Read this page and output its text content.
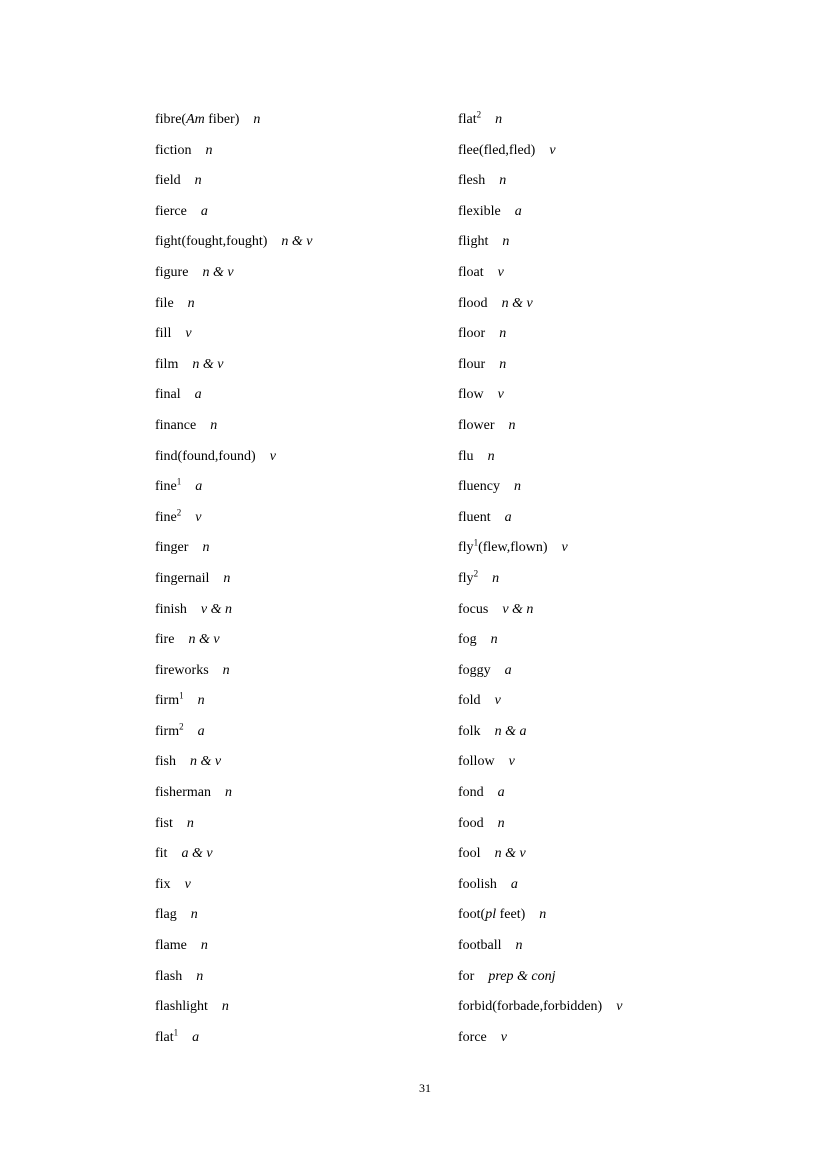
fibre(Am fiber) n
fiction n
field n
fierce a
fight(fought,fought) n & v
figure n & v
file n
fill v
film n & v
final a
finance n
find(found,found) v
fine$^1$ a
fine$^2$ v
finger n
fingernail n
finish v & n
fire n & v
fireworks n
firm$^1$ n
firm$^2$ a
fish n & v
fisherman n
fist n
fit a & v
fix v
flag n
flame n
flash n
flashlight n
flat$^1$ a
flat$^2$ n
flee(fled,fled) v
flesh n
flexible a
flight n
float v
flood n & v
floor n
flour n
flow v
flower n
flu n
fluency n
fluent a
fly$^1$(flew,flown) v
fly$^2$ n
focus v & n
fog n
foggy a
fold v
folk n & a
follow v
fond a
food n
fool n & v
foolish a
foot(pl feet) n
football n
for prep & conj
forbid(forbade,forbidden) v
force v
31
